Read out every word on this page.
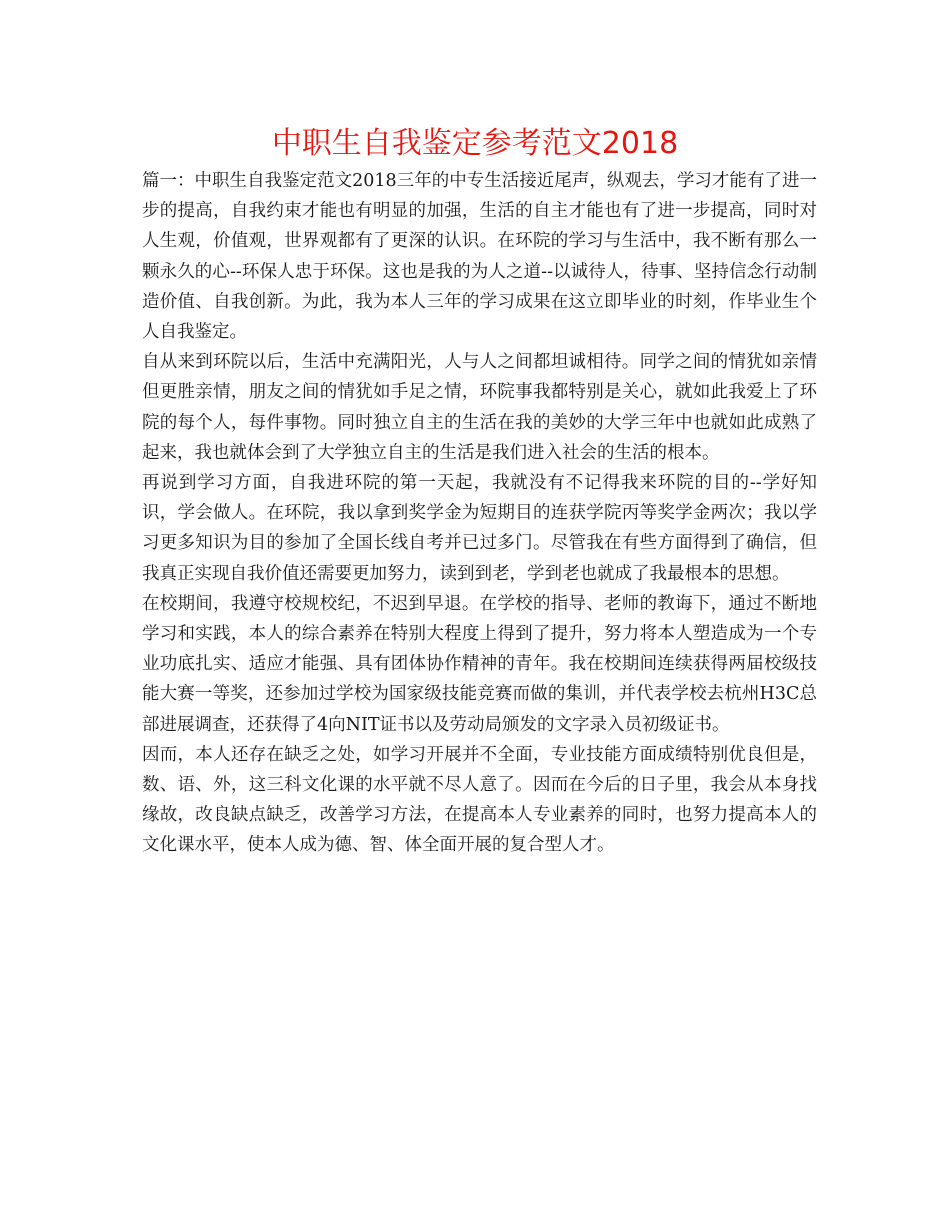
中职生自我鉴定参考范文2018

篇一：中职生自我鉴定范文2018三年的中专生活接近尾声，纵观去，学习才能有了进一步的提高，自我约束才能也有明显的加强，生活的自主才能也有了进一步提高，同时对人生观，价值观，世界观都有了更深的认识。在环院的学习与生活中，我不断有那么一颗永久的心--环保人忠于环保。这也是我的为人之道--以诚待人，待事、坚持信念行动制造价值、自我创新。为此，我为本人三年的学习成果在这立即毕业的时刻，作毕业生个人自我鉴定。

自从来到环院以后，生活中充满阳光，人与人之间都坦诚相待。同学之间的情犹如亲情但更胜亲情，朋友之间的情犹如手足之情，环院事我都特别是关心，就如此我爱上了环院的每个人，每件事物。同时独立自主的生活在我的美妙的大学三年中也就如此成熟了起来，我也就体会到了大学独立自主的生活是我们进入社会的生活的根本。

再说到学习方面，自我进环院的第一天起，我就没有不记得我来环院的目的--学好知识，学会做人。在环院，我以拿到奖学金为短期目的连获学院丙等奖学金两次；我以学习更多知识为目的参加了全国长线自考并已过多门。尽管我在有些方面得到了确信，但我真正实现自我价值还需要更加努力，读到到老，学到老也就成了我最根本的思想。

在校期间，我遵守校规校纪，不迟到早退。在学校的指导、老师的教诲下，通过不断地学习和实践，本人的综合素养在特别大程度上得到了提升，努力将本人塑造成为一个专业功底扎实、适应才能强、具有团体协作精神的青年。我在校期间连续获得两届校级技能大赛一等奖，还参加过学校为国家级技能竞赛而做的集训，并代表学校去杭州H3C总部进展调查，还获得了4向NIT证书以及劳动局颁发的文字录入员初级证书。

因而，本人还存在缺乏之处，如学习开展并不全面，专业技能方面成绩特别优良但是，数、语、外，这三科文化课的水平就不尽人意了。因而在今后的日子里，我会从本身找缘故，改良缺点缺乏，改善学习方法，在提高本人专业素养的同时，也努力提高本人的文化课水平，使本人成为德、智、体全面开展的复合型人才。
